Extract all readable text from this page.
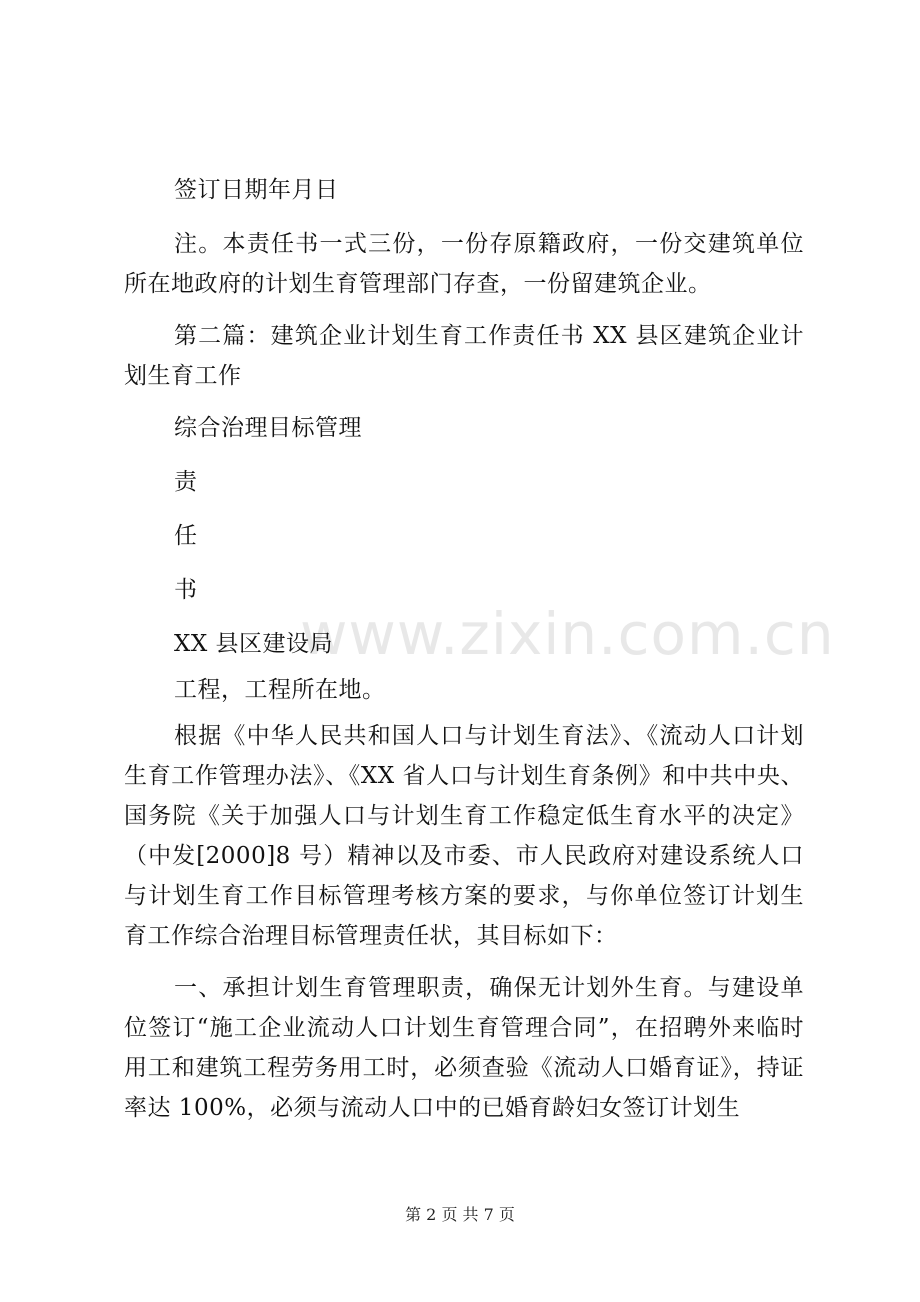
www.zixin.com.cn

签订日期年月日

注。本责任书一式三份，一份存原籍政府，一份交建筑单位所在地政府的计划生育管理部门存查，一份留建筑企业。

第二篇：建筑企业计划生育工作责任书 XX 县区建筑企业计划生育工作

综合治理目标管理

责

任

书

XX 县区建设局

工程，工程所在地。

根据《中华人民共和国人口与计划生育法》、《流动人口计划生育工作管理办法》、《XX 省人口与计划生育条例》和中共中央、国务院《关于加强人口与计划生育工作稳定低生育水平的决定》（中发[2000]8 号）精神以及市委、市人民政府对建设系统人口与计划生育工作目标管理考核方案的要求，与你单位签订计划生育工作综合治理目标管理责任状，其目标如下：

一、承担计划生育管理职责，确保无计划外生育。与建设单位签订“施工企业流动人口计划生育管理合同”，在招聘外来临时用工和建筑工程劳务用工时，必须查验《流动人口婚育证》，持证率达 100%，必须与流动人口中的已婚育龄妇女签订计划生

第 2 页 共 7 页
